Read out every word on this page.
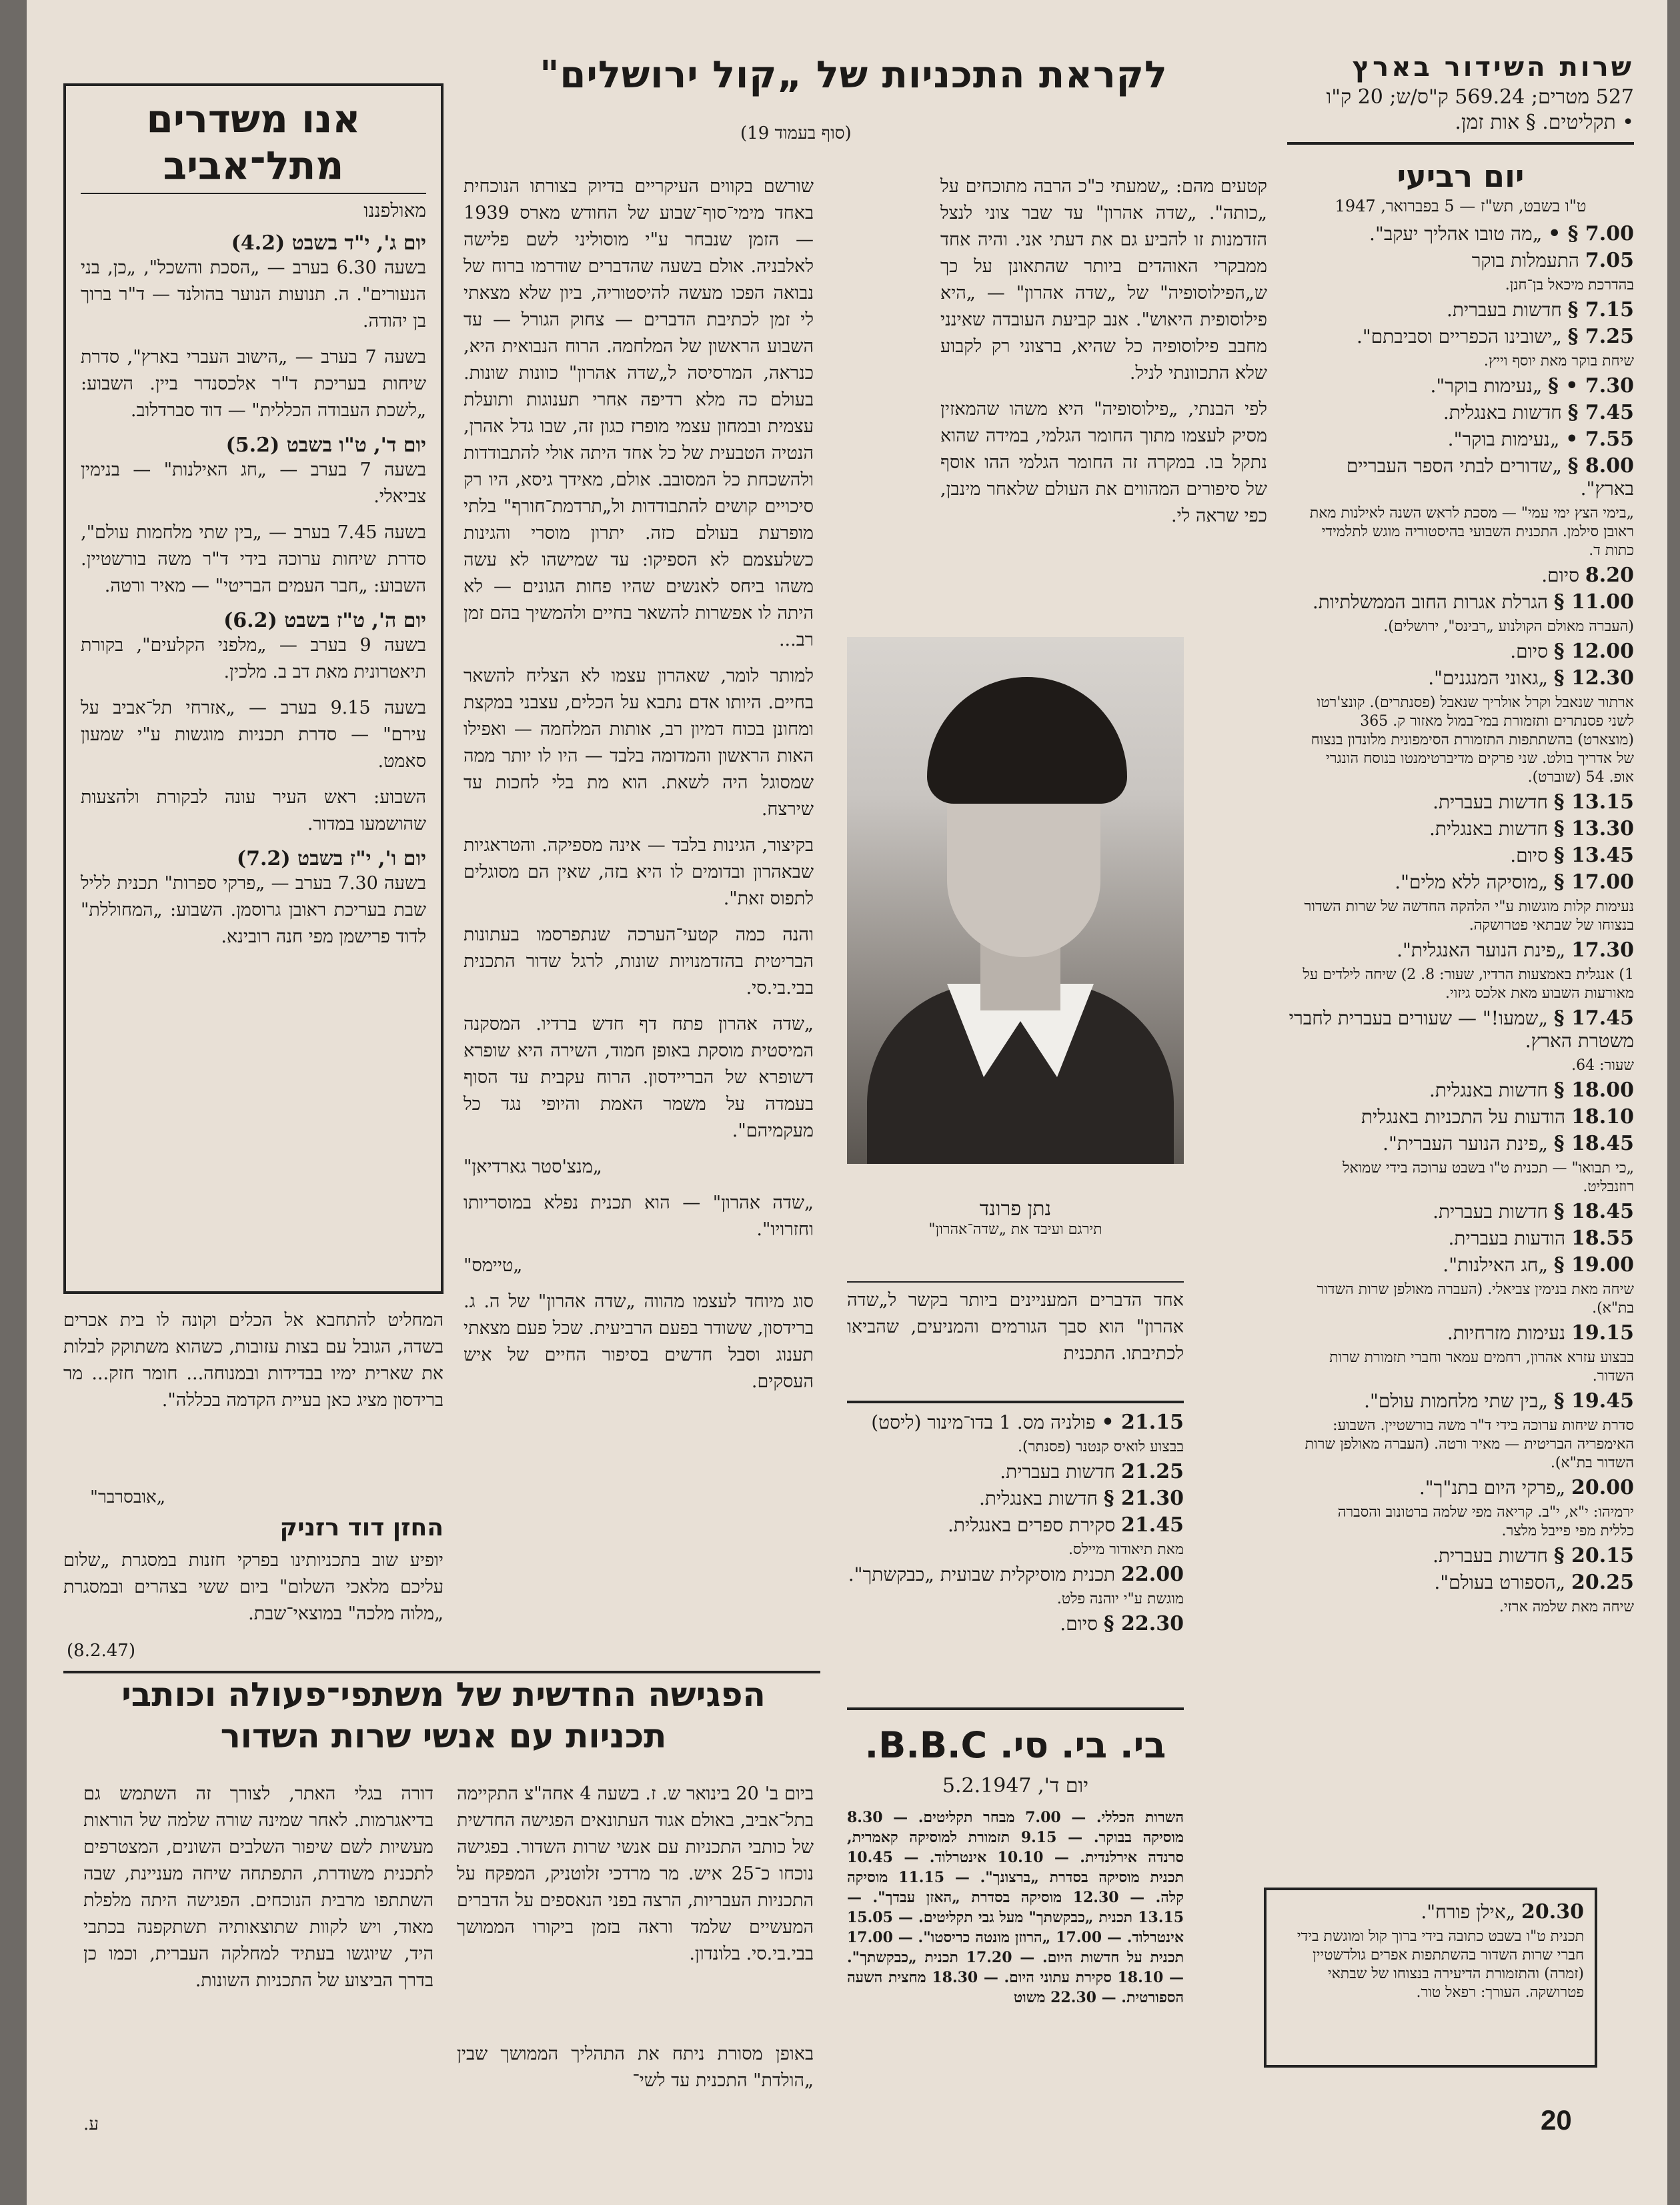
שרות השידור בארץ
527 מטרים; 569.24 ק"ס/ש; 20 ק"ו
• תקליטים. § אות זמן.
יום רביעי
ט"ו בשבט, תש"ז — 5 בפברואר, 1947
7.00 § • „מה טובו אהליך יעקב".
7.05 התעמלות בוקר
בהדרכת מיכאל בן־חנן.
7.15 § חדשות בעברית.
7.25 § „ישובינו הכפריים וסביבתם".
שיחת בוקר מאת יוסף וייץ.
7.30 • § „נעימות בוקר".
7.45 § חדשות באנגלית.
7.55 • „נעימות בוקר".
8.00 § „שדורים לבתי הספר העבריים בארץ".
„בימי הצץ ימי עמי" — מסכת לראש השנה לאילנות מאת ראובן סילמן. התכנית השבועי בהיסטוריה מוגש לתלמידי כתות ד.
8.20 סיום.
11.00 § הגרלת אגרות החוב הממשלתיות.
(העברה מאולם הקולנוע „רבינס", ירושלים).
12.00 § סיום.
12.30 § „גאוני המנגנים".
ארתור שנאבל וקרל אולריך שנאבל (פסנתרים). קונצ'רטו לשני פסנתרים ותזמורת במי־במול מאזור ק. 365 (מוצארט) בהשתתפות התזמורת הסימפונית מלונדון בנצוח של אדריך בולט. שני פרקים מדיברטימנטו בנוסח הונגרי אופ. 54 (שוברט).
13.15 § חדשות בעברית.
13.30 § חדשות באנגלית.
13.45 § סיום.
17.00 § „מוסיקה ללא מלים".
נעימות קלות מוגשות ע"י הלהקה החדשה של שרות השדור בנצוחו של שבתאי פטרושקה.
17.30 „פינת הנוער האנגלית".
1) אנגלית באמצעות הרדיו, שעור: 8. 2) שיחה לילדים על מאורעות השבוע מאת אלכס גיזוי.
17.45 § „שמעו!" — שעורים בעברית לחברי משטרת הארץ.
שעור: 64.
18.00 § חדשות באנגלית.
18.10 הודעות על התכניות באנגלית
18.45 § „פינת הנוער העברית".
„כי תבואו" — תכנית ט"ו בשבט ערוכה בידי שמואל רוזנבליט.
18.45 § חדשות בעברית.
18.55 הודעות בעברית.
19.00 § „חג האילנות".
שיחה מאת בנימין צביאלי. (העברה מאולפן שרות השדור בת"א).
19.15 נעימות מזרחיות.
בבצוע עזרא אהרון, רחמים עמאר וחברי תזמורת שרות השדור.
19.45 § „בין שתי מלחמות עולם".
סדרת שיחות ערוכה בידי ד"ר משה בורשטיין. השבוע: האימפריה הבריטית — מאיר ורטה. (העברה מאולפן שרות השדור בת"א).
20.00 „פרקי היום בתנ"ך".
ירמיהו: י"א, י"ב. קריאה מפי שלמה ברטונוב והסברה כללית מפי פייבל מלצר.
20.15 § חדשות בעברית.
20.25 „הספורט בעולם".
שיחה מאת שלמה ארזי.
20.30 „אילן פורח".
תכנית ט"ו בשבט כתובה בידי ברוך קול ומוגשת בידי חברי שרות השדור בהשתתפות אפרים גולדשטיין (זמרה) והתזמורת הדיעירה בנצוחו של שבתאי פטרושקה. העורך: רפאל טור.
לקראת התכניות של „קול ירושלים"
(סוף בעמוד 19)

קטעים מהם: „שמעתי כ"כ הרבה מתוכחים על „כותה". „שדה אהרון" עד שבר צוני לנצל הזדמנות זו להביע גם את דעתי אני. והיה אחד ממבקרי האוהדים ביותר שהתאונן על כך ש„הפילוסופיה" של „שדה אהרון" — „היא פילוסופית היאוש". אנב קביעת העובדה שאינני מחבב פילוסופיה כל שהיא, ברצוני רק לקבוע שלא התכוונתי לניל.

לפי הבנתי, „פילוסופיה" היא משהו שהמאזין מסיק לעצמו מתוך החומר הגלמי, במידה שהוא נתקל בו. במקרה זה החומר הגלמי ההו אוסף של סיפורים המהווים את העולם שלאחר מינבן, כפי שראה לי.

נתן פרונד
תירגם ועיבד את „שדה־אהרון"
אחד הדברים המעניינים ביותר בקשר ל„שדה אהרון" הוא סבך הגורמים והמניעים, שהביאו לכתיבתו. התכנית
21.15 • פולניה מס. 1 בדו־מינור (ליסט)
בבצוע לואיס קנטנר (פסנתר).
21.25 חדשות בעברית.
21.30 § חדשות באנגלית.
21.45 סקירת ספרים באנגלית.
מאת תיאודור מיילס.
22.00 תכנית מוסיקלית שבועית „כבקשתך".
מוגשת ע"י יוהנה פלט.
22.30 § סיום.
בי. בי. סי. B.B.C.
יום ד', 5.2.1947
השרות הכללי. — 7.00 מבחר תקליטים. — 8.30 מוסיקה בבוקר. — 9.15 תזמורת למוסיקה קאמרית, סרנדה אירלנדית. — 10.10 אינטרלוד. — 10.45 תכנית מוסיקה בסדרת „ברצונך". — 11.15 מוסיקה קלה. — 12.30 מוסיקה בסדרת „האזן עבדך". — 13.15 תכנית „כבקשתך" מעל גבי תקליטים. — 15.05 אינטרלוד. — 17.00 „הרוזן מונטה כריסטו". — 17.00 תכנית על חדשות היום. — 17.20 תכנית „כבקשתך". — 18.10 סקירת עתוני היום. — 18.30 מחצית השעה הספורטית. — 22.30 משוט

שורשם בקווים העיקריים בדיוק בצורתו הנוכחית באחד מימי־סוף־שבוע של החודש מארס 1939 — הזמן שנבחר ע"י מוסוליני לשם פלישה לאלבניה. אולם בשעה שהדברים שודרמו ברוח של נבואה הפכו מעשה להיסטוריה, ביון שלא מצאתי לי זמן לכתיבת הדברים — צחוק הגורל — עד השבוע הראשון של המלחמה. הרוח הנבואית היא, כנראה, המרסיסה ל„שדה אהרון" כוונות שונות. בעולם כה מלא רדיפה אחרי תענוגות ותועלת עצמית ובמחון עצמי מופרז כגון זה, שבו גדל אהרן, הנטיה הטבעית של כל אחד היתה אולי להתבודדות ולהשכחת כל המסובב. אולם, מאידך גיסא, היו רק סיכויים קושים להתבודדות ול„תרדמת־חורף" בלתי מופרעת בעולם כזה. יתרון מוסרי והגינות כשלעצמם לא הספיקו: עד שמישהו לא עשה משהו ביחס לאנשים שהיו פחות הגונים — לא היתה לו אפשרות להשאר בחיים ולהמשיך בהם זמן רב...

למותר לומר, שאהרון עצמו לא הצליח להשאר בחיים. היותו אדם נתבא על הכלים, עצבני במקצת ומחונן בכוח דמיון רב, אותות המלחמה — ואפילו האות הראשון והמדומה בלבד — היו לו יותר ממה שמסוגל היה לשאת. הוא מת בלי לחכות עד שירצח.

בקיצור, הגינות בלבד — אינה מספיקה. והטראגיות שבאהרון ובדומים לו היא בזה, שאין הם מסוגלים לתפוס זאת".

והנה כמה קטעי־הערכה שנתפרסמו בעתונות הבריטית בהזדמנויות שונות, לרגל שדור התכנית בבי.בי.סי.

„שדה אהרון פתח דף חדש ברדיו. המסקנה המיסטית מוסקת באופן חמוד, השירה היא שופרא דשופרא של הבריידסון. הרוח עקבית עד הסוף בעמדה על משמר האמת והיופי נגד כל מעקמיהם".

„מנצ'סטר גארדיאן"

„שדה אהרון" — הוא תכנית נפלא במוסריותו וחזרויו".

„טיימס"

סוג מיוחד לעצמו מהווה „שדה אהרון" של ה. ג. ברידסון, ששודר בפעם הרביעית. שכל פעם מצאתי תענוג וסבל חדשים בסיפור החיים של איש העסקים.

אנו משדרים מתל־אביב
מאולפננו
יום ג', י"ד בשבט (4.2)
בשעה 6.30 בערב — „הסכת והשכל", „כן, בני הנעורים". ה. תנועות הנוער בהולנד — ד"ר ברוך בן יהודה.
בשעה 7 בערב — „הישוב העברי בארץ", סדרת שיחות בעריכת ד"ר אלכסנדר ביין. השבוע: „לשכת העבודה הכללית" — דוד סברדלוב.
יום ד', ט"ו בשבט (5.2)
בשעה 7 בערב — „חג האילנות" — בנימין צביאלי.
בשעה 7.45 בערב — „בין שתי מלחמות עולם", סדרת שיחות ערוכה בידי ד"ר משה בורשטיין. השבוע: „חבר העמים הבריטי" — מאיר ורטה.
יום ה', ט"ז בשבט (6.2)
בשעה 9 בערב — „מלפני הקלעים", בקורת תיאטרונית מאת דב ב. מלכין.
בשעה 9.15 בערב — „אזרחי תל־אביב על עירם" — סדרת תכניות מוגשות ע"י שמעון סאמט.
השבוע: ראש העיר עונה לבקורת ולהצעות שהושמעו במדור.
יום ו', י"ז בשבט (7.2)
בשעה 7.30 בערב — „פרקי ספרות" תכנית לליל שבת בעריכת ראובן גרוסמן. השבוע: „המחוללת" לדוד פרישמן מפי חנה רובינא.
המחליט להתחבא אל הכלים וקונה לו בית אכרים בשדה, הגובל עם בצות עזובות, כשהוא משתוקק לבלות את שארית ימיו בבדידות ובמנוחה... חומר חזק... מר ברידסון מציג כאן בעיית הקדמה בכללה".
„אובסרבר"
החזן דוד רזניק
יופיע שוב בתכניותינו בפרקי חזנות במסגרת „שלום עליכם מלאכי השלום" ביום ששי בצהרים ובמסגרת „מלוה מלכה" במוצאי־שבת.
(8.2.47)
הפגישה החדשית של משתפי־פעולה וכותבי תכניות עם אנשי שרות השדור
ביום ב' 20 בינואר ש. ז. בשעה 4 אחה"צ התקיימה בתל־אביב, באולם אגוד העתונאים הפגישה החדשית של כותבי התכניות עם אנשי שרות השדור. בפגישה נוכחו כ־25 איש. מר מרדכי זלוטניק, המפקח על התכניות העבריות, הרצה בפני הנאספים על הדברים המעשיים שלמד וראה בזמן ביקורו הממושך בבי.בי.סי. בלונדון.
באופן מסורת ניתח את התהליך הממושך שבין „הולדת" התכנית עד לשי־
דורה בגלי האתר, לצורך זה השתמש גם בדיאגרמות. לאחר שמינה שורה שלמה של הוראות מעשיות לשם שיפור השלבים השונים, המצטרפים לתכנית משודרת, התפתחה שיחה מעניינת, שבה השתתפו מרבית הנוכחים. הפגישה היתה מלפלת מאוד, ויש לקוות שתוצאותיה תשתקפנה בכתבי היד, שיוגשו בעתיד למחלקה העברית, וכמו כן בדרך הביצוע של התכניות השונות.
ע.	20
